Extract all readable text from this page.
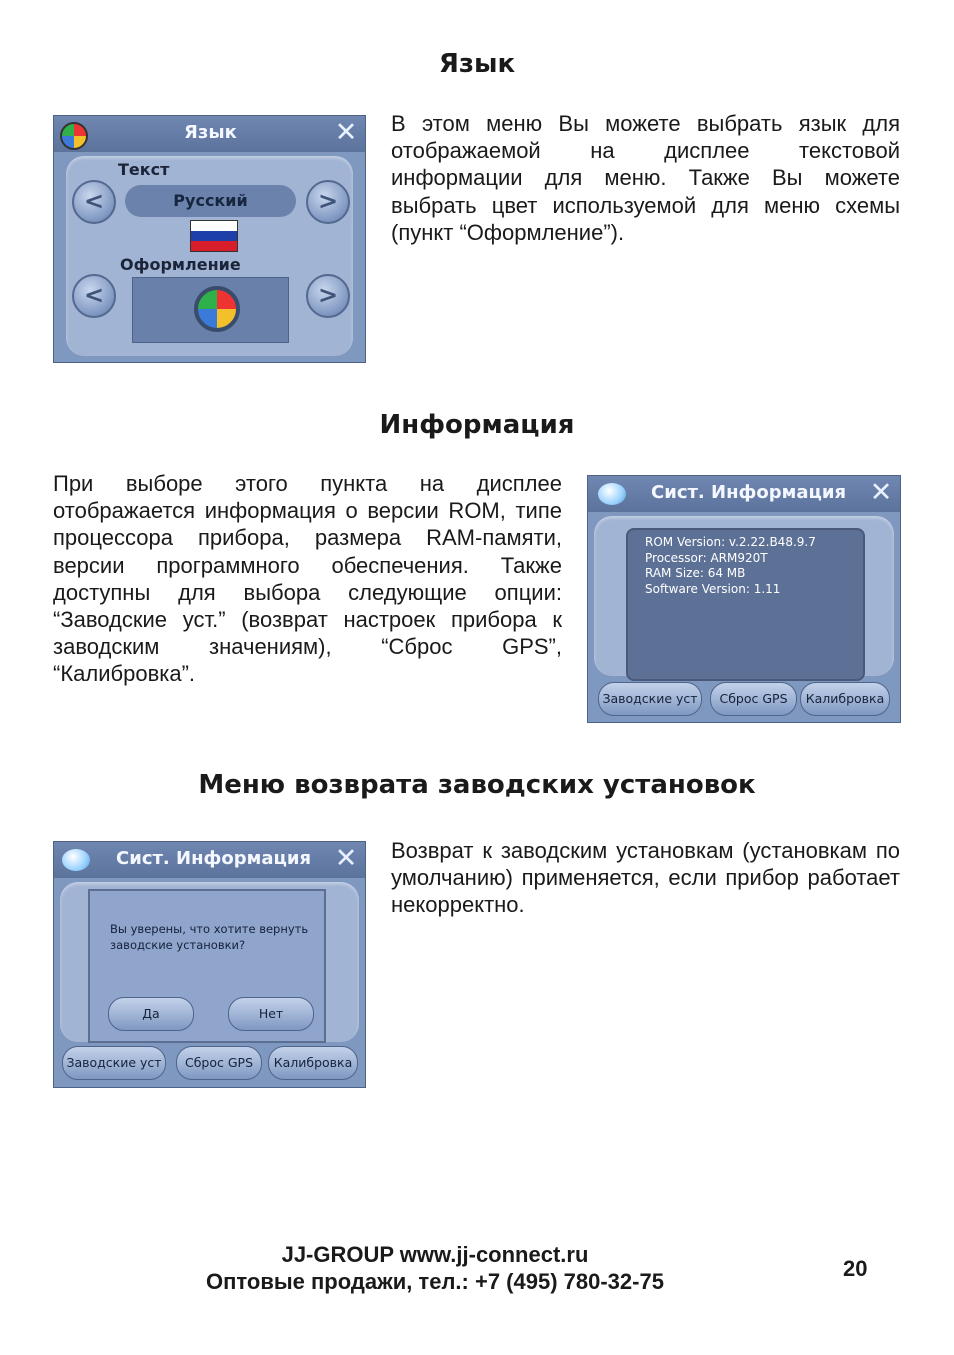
Язык
Язык	✕
Текст
<	Русский	>
Оформление
<	>
В этом меню Вы можете выбрать язык для отображаемой на дисплее текстовой информации для меню. Также Вы можете выбрать цвет используемой для меню схемы (пункт “Оформление”).
Информация
При выборе этого пункта на дисплее отображается информация о версии ROM, типе процессора прибора, размера RAM-памяти, версии программного обеспечения. Также доступны для выбора следующие опции: “Заводские уст.” (возврат настроек прибора к заводским значениям), “Сброс GPS”, “Калибровка”.
Сист. Информация ✕
ROM Version: v.2.22.B48.9.7
Processor: ARM920T
RAM Size: 64 MB
Software Version: 1.11
Заводские уст	Сброс GPS	Калибровка
Меню возврата заводских установок
Сист. Информация ✕
Вы уверены, что хотите вернуть заводские установки?
Да	Нет
Заводские уст	Сброс GPS	Калибровка
Возврат к заводским установкам (установкам по умолчанию) применяется, если прибор работает некорректно.
JJ-GROUP www.jj-connect.ru
Оптовые продажи, тел.: +7 (495) 780-32-75
20
